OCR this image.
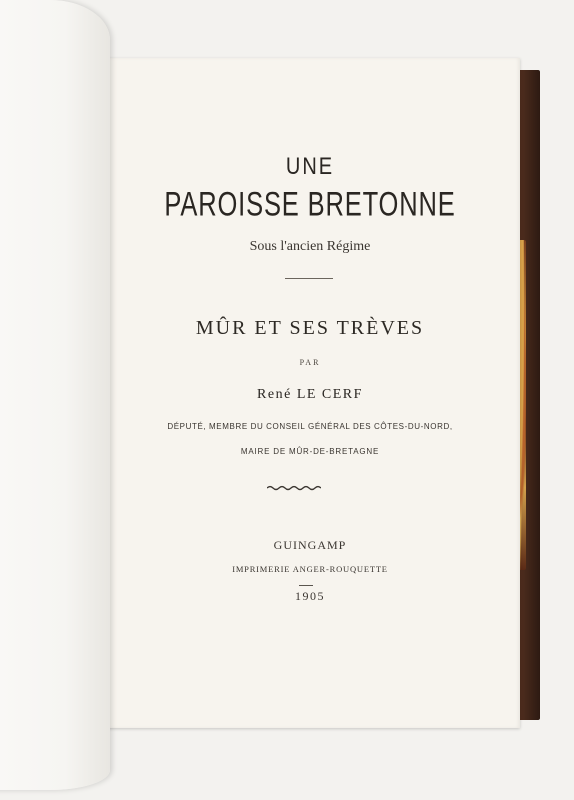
UNE
PAROISSE BRETONNE
Sous l'ancien Régime
MÛR ET SES TRÈVES
PAR
René LE CERF
DÉPUTÉ, MEMBRE DU CONSEIL GÉNÉRAL DES CÔTES-DU-NORD,
MAIRE DE MÛR-DE-BRETAGNE
GUINGAMP
IMPRIMERIE ANGER-ROUQUETTE
1905
